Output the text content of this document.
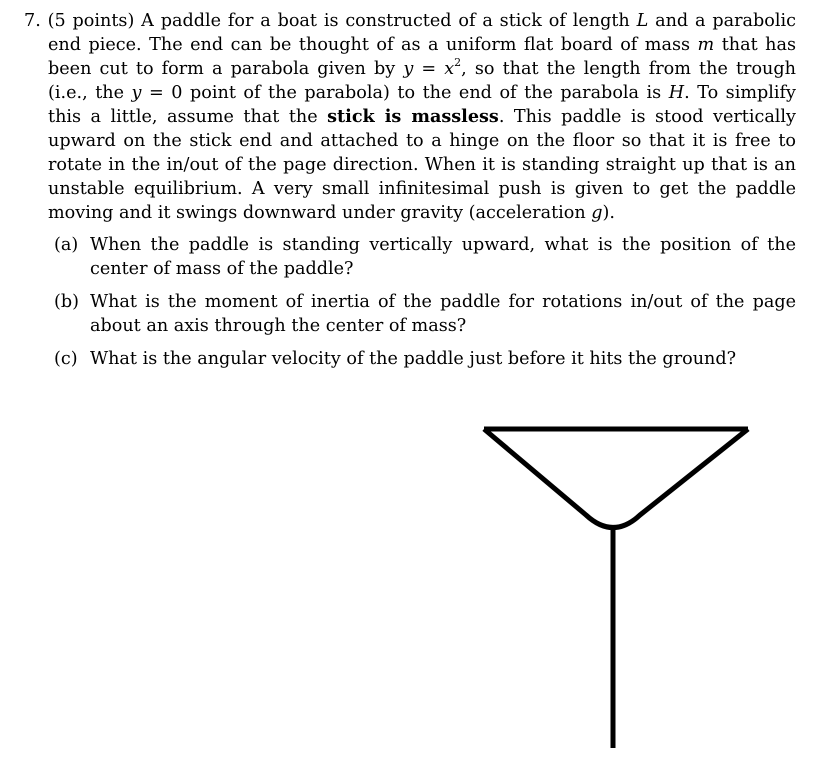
7. (5 points) A paddle for a boat is constructed of a stick of length L and a parabolic end piece. The end can be thought of as a uniform flat board of mass m that has been cut to form a parabola given by $y = x^2$, so that the length from the trough (i.e., the y = 0 point of the parabola) to the end of the parabola is H. To simplify this a little, assume that the stick is massless. This paddle is stood vertically upward on the stick end and attached to a hinge on the floor so that it is free to rotate in the in/out of the page direction. When it is standing straight up that is an unstable equilibrium. A very small infinitesimal push is given to get the paddle moving and it swings downward under gravity (acceleration g).
(a) When the paddle is standing vertically upward, what is the position of the center of mass of the paddle?
(b) What is the moment of inertia of the paddle for rotations in/out of the page about an axis through the center of mass?
(c) What is the angular velocity of the paddle just before it hits the ground?
